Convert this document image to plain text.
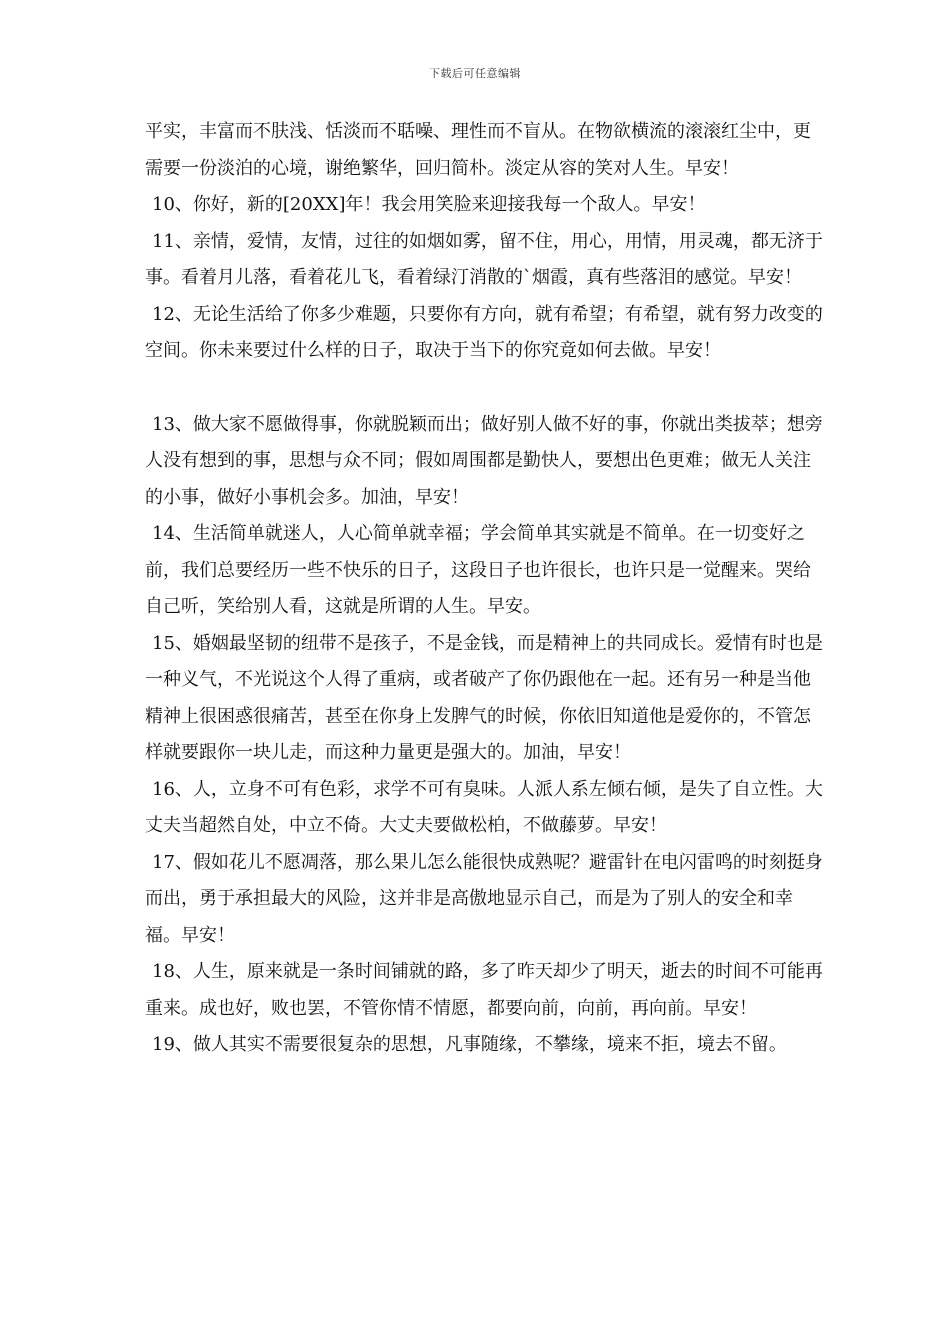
下载后可任意编辑

平实，丰富而不肤浅、恬淡而不聒噪、理性而不盲从。在物欲横流的滚滚红尘中，更需要一份淡泊的心境，谢绝繁华，回归简朴。淡定从容的笑对人生。早安！

10、你好，新的[20XX]年！我会用笑脸来迎接我每一个敌人。早安！

11、亲情，爱情，友情，过往的如烟如雾，留不住，用心，用情，用灵魂，都无济于事。看着月儿落，看着花儿飞，看着绿汀消散的`烟霞，真有些落泪的感觉。早安！

12、无论生活给了你多少难题，只要你有方向，就有希望；有希望，就有努力改变的空间。你未来要过什么样的日子，取决于当下的你究竟如何去做。早安！

13、做大家不愿做得事，你就脱颖而出；做好别人做不好的事，你就出类拔萃；想旁人没有想到的事，思想与众不同；假如周围都是勤快人，要想出色更难；做无人关注的小事，做好小事机会多。加油，早安！

14、生活简单就迷人，人心简单就幸福；学会简单其实就是不简单。在一切变好之前，我们总要经历一些不快乐的日子，这段日子也许很长，也许只是一觉醒来。哭给自己听，笑给别人看，这就是所谓的人生。早安。

15、婚姻最坚韧的纽带不是孩子，不是金钱，而是精神上的共同成长。爱情有时也是一种义气，不光说这个人得了重病，或者破产了你仍跟他在一起。还有另一种是当他精神上很困惑很痛苦，甚至在你身上发脾气的时候，你依旧知道他是爱你的，不管怎样就要跟你一块儿走，而这种力量更是强大的。加油，早安！

16、人，立身不可有色彩，求学不可有臭味。人派人系左倾右倾，是失了自立性。大丈夫当超然自处，中立不倚。大丈夫要做松柏，不做藤萝。早安！

17、假如花儿不愿凋落，那么果儿怎么能很快成熟呢？避雷针在电闪雷鸣的时刻挺身而出，勇于承担最大的风险，这并非是高傲地显示自己，而是为了别人的安全和幸福。早安！

18、人生，原来就是一条时间铺就的路，多了昨天却少了明天，逝去的时间不可能再重来。成也好，败也罢，不管你情不情愿，都要向前，向前，再向前。早安！

19、做人其实不需要很复杂的思想，凡事随缘，不攀缘，境来不拒，境去不留。
